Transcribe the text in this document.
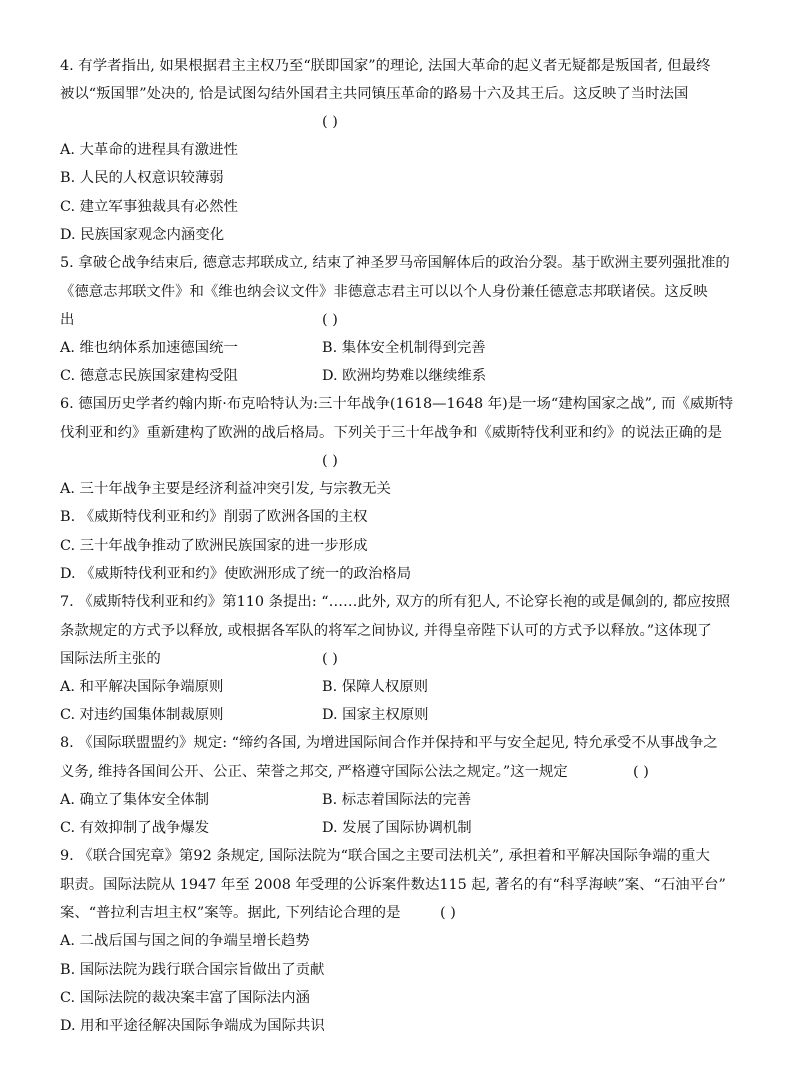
4. 有学者指出, 如果根据君主主权乃至“朕即国家”的理论, 法国大革命的起义者无疑都是叛国者, 但最终
被以“叛国罪”处决的, 恰是试图勾结外国君主共同镇压革命的路易十六及其王后。这反映了当时法国
( )
A. 大革命的进程具有激进性
B. 人民的人权意识较薄弱
C. 建立军事独裁具有必然性
D. 民族国家观念内涵变化
5. 拿破仑战争结束后, 德意志邦联成立, 结束了神圣罗马帝国解体后的政治分裂。基于欧洲主要列强批准的
《德意志邦联文件》和《维也纳会议文件》非德意志君主可以以个人身份兼任德意志邦联诸侯。这反映
出	( )
A. 维也纳体系加速德国统一	B. 集体安全机制得到完善
C. 德意志民族国家建构受阻	D. 欧洲均势难以继续维系
6. 德国历史学者约翰内斯·布克哈特认为:三十年战争(1618—1648 年)是一场“建构国家之战”, 而《威斯特
伐利亚和约》重新建构了欧洲的战后格局。下列关于三十年战争和《威斯特伐利亚和约》的说法正确的是
( )
A. 三十年战争主要是经济利益冲突引发, 与宗教无关
B. 《威斯特伐利亚和约》削弱了欧洲各国的主权
C. 三十年战争推动了欧洲民族国家的进一步形成
D. 《威斯特伐利亚和约》使欧洲形成了统一的政治格局
7. 《威斯特伐利亚和约》第110 条提出: “……此外, 双方的所有犯人, 不论穿长袍的或是佩剑的, 都应按照
条款规定的方式予以释放, 或根据各军队的将军之间协议, 并得皇帝陛下认可的方式予以释放。”这体现了
国际法所主张的	( )
A. 和平解决国际争端原则	B. 保障人权原则
C. 对违约国集体制裁原则	D. 国家主权原则
8. 《国际联盟盟约》规定: “缔约各国, 为增进国际间合作并保持和平与安全起见, 特允承受不从事战争之
义务, 维持各国间公开、公正、荣誉之邦交, 严格遵守国际公法之规定。”这一规定	( )
A. 确立了集体安全体制	B. 标志着国际法的完善
C. 有效抑制了战争爆发	D. 发展了国际协调机制
9. 《联合国宪章》第92 条规定, 国际法院为“联合国之主要司法机关”, 承担着和平解决国际争端的重大
职责。国际法院从 1947 年至 2008 年受理的公诉案件数达115 起, 著名的有“科孚海峡”案、“石油平台”
案、“普拉利吉坦主权”案等。据此, 下列结论合理的是	( )
A. 二战后国与国之间的争端呈增长趋势
B. 国际法院为践行联合国宗旨做出了贡献
C. 国际法院的裁决案丰富了国际法内涵
D. 用和平途径解决国际争端成为国际共识
